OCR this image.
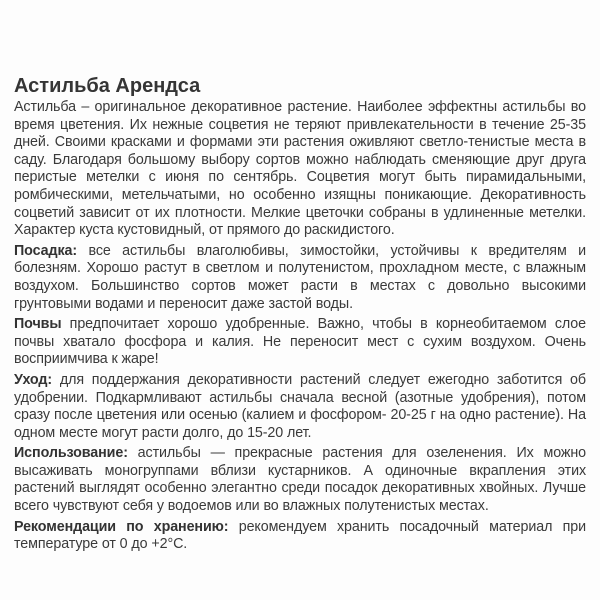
Астильба Арендса
Астильба – оригинальное декоративное растение. Наиболее эффектны астильбы во время цветения. Их нежные соцветия не теряют привлекательности в течение 25-35 дней. Своими красками и формами эти растения оживляют светло-тенистые места в саду. Благодаря большому выбору сортов можно наблюдать сменяющие друг друга перистые метелки с июня по сентябрь. Соцветия могут быть пирамидальными, ромбическими, метельчатыми, но особенно изящны поникающие. Декоративность соцветий зависит от их плотности. Мелкие цветочки собраны в удлиненные метелки. Характер куста кустовидный, от прямого до раскидистого.
Посадка: все астильбы влаголюбивы, зимостойки, устойчивы к вредителям и болезням. Хорошо растут в светлом и полутенистом, прохладном месте, с влажным воздухом. Большинство сортов может расти в местах с довольно высокими грунтовыми водами и переносит даже застой воды.
Почвы предпочитает хорошо удобренные. Важно, чтобы в корнеобитаемом слое почвы хватало фосфора и калия. Не переносит мест с сухим воздухом. Очень восприимчива к жаре!
Уход: для поддержания декоративности растений следует ежегодно заботится об удобрении. Подкармливают астильбы сначала весной (азотные удобрения), потом сразу после цветения или осенью (калием и фосфором- 20-25 г на одно растение). На одном месте могут расти долго, до 15-20 лет.
Использование: астильбы — прекрасные растения для озеленения. Их можно высаживать моногруппами вблизи кустарников. А одиночные вкрапления этих растений выглядят особенно элегантно среди посадок декоративных хвойных. Лучше всего чувствуют себя у водоемов или во влажных полутенистых местах.
Рекомендации по хранению: рекомендуем хранить посадочный материал при температуре от 0 до +2°С.
